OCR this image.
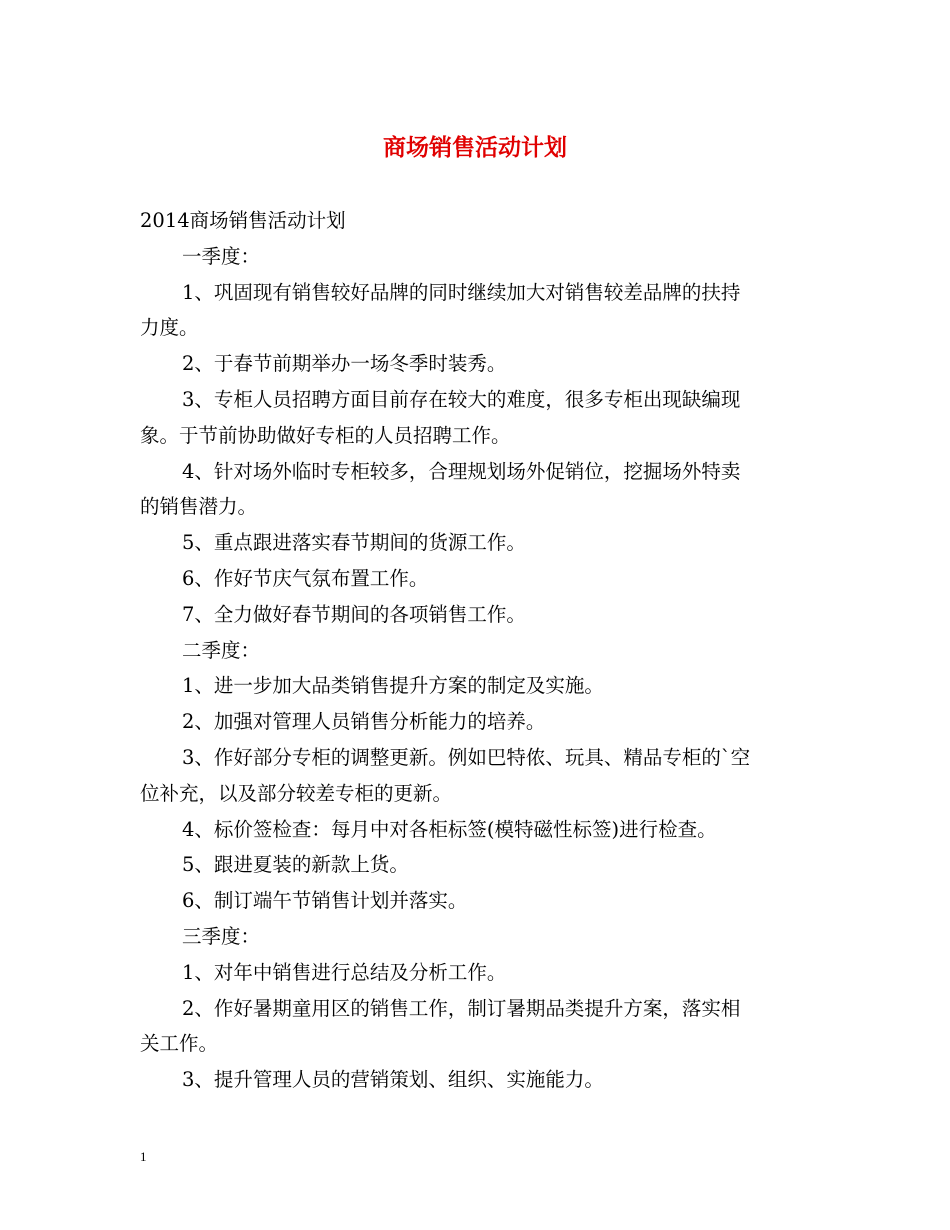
商场销售活动计划

2014商场销售活动计划

一季度：

1、巩固现有销售较好品牌的同时继续加大对销售较差品牌的扶持

力度。

2、于春节前期举办一场冬季时装秀。

3、专柜人员招聘方面目前存在较大的难度，很多专柜出现缺编现

象。于节前协助做好专柜的人员招聘工作。

4、针对场外临时专柜较多，合理规划场外促销位，挖掘场外特卖

的销售潜力。

5、重点跟进落实春节期间的货源工作。

6、作好节庆气氛布置工作。

7、全力做好春节期间的各项销售工作。

二季度：

1、进一步加大品类销售提升方案的制定及实施。

2、加强对管理人员销售分析能力的培养。

3、作好部分专柜的调整更新。例如巴特侬、玩具、精品专柜的`空

位补充，以及部分较差专柜的更新。

4、标价签检查：每月中对各柜标签(模特磁性标签)进行检查。

5、跟进夏装的新款上货。

6、制订端午节销售计划并落实。

三季度：

1、对年中销售进行总结及分析工作。

2、作好暑期童用区的销售工作，制订暑期品类提升方案，落实相

关工作。

3、提升管理人员的营销策划、组织、实施能力。

1
